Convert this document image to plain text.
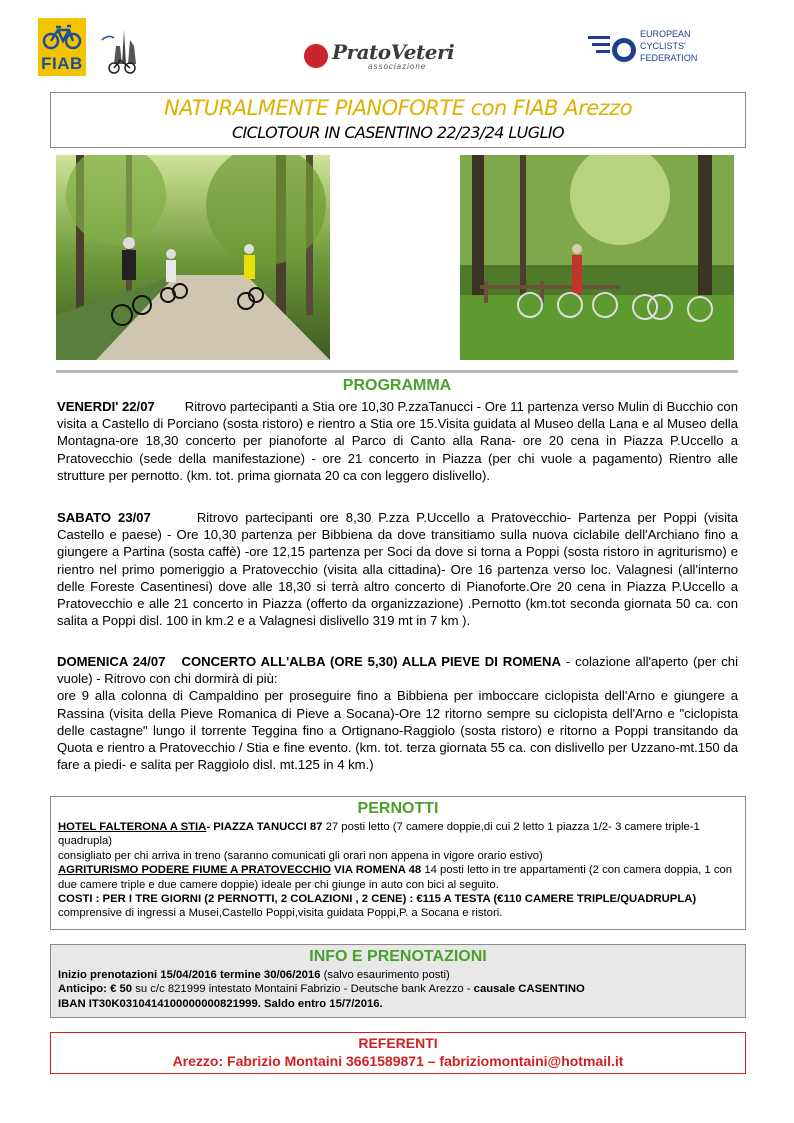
FIAB	PratoVeteri
associazione
EUROPEAN
CYCLISTS'
FEDERATION
NATURALMENTE PIANOFORTE con FIAB Arezzo
CICLOTOUR IN CASENTINO 22/23/24 LUGLIO
PROGRAMMA
VENERDI' 22/07 Ritrovo partecipanti a Stia ore 10,30 P.zzaTanucci - Ore 11 partenza verso Mulin di Bucchio con visita a Castello di Porciano (sosta ristoro) e rientro a Stia ore 15.Visita guidata al Museo della Lana e al Museo della Montagna-ore 18,30 concerto per pianoforte al Parco di Canto alla Rana- ore 20 cena in Piazza P.Uccello a Pratovecchio (sede della manifestazione) - ore 21 concerto in Piazza (per chi vuole a pagamento) Rientro alle strutture per pernotto. (km. tot. prima giornata 20 ca con leggero dislivello).
SABATO 23/07	Ritrovo partecipanti ore 8,30 P.zza P.Uccello a Pratovecchio- Partenza per Poppi (visita Castello e paese) - Ore 10,30 partenza per Bibbiena da dove transitiamo sulla nuova ciclabile dell'Archiano fino a giungere a Partina (sosta caffè) -ore 12,15 partenza per Soci da dove si torna a Poppi (sosta ristoro in agriturismo) e rientro nel primo pomeriggio a Pratovecchio (visita alla cittadina)- Ore 16 partenza verso loc. Valagnesi (all'interno delle Foreste Casentinesi) dove alle 18,30 si terrà altro concerto di Pianoforte.Ore 20 cena in Piazza P.Uccello a Pratovecchio e alle 21 concerto in Piazza (offerto da organizzazione) .Pernotto (km.tot seconda giornata 50 ca. con salita a Poppi disl. 100 in km.2 e a Valagnesi dislivello 319 mt in 7 km ).
DOMENICA 24/07 CONCERTO ALL'ALBA (ORE 5,30) ALLA PIEVE DI ROMENA - colazione all'aperto (per chi vuole) - Ritrovo con chi dormirà di più:
ore 9 alla colonna di Campaldino per proseguire fino a Bibbiena per imboccare ciclopista dell'Arno e giungere a Rassina (visita della Pieve Romanica di Pieve a Socana)-Ore 12 ritorno sempre su ciclopista dell'Arno e "ciclopista delle castagne" lungo il torrente Teggina fino a Ortignano-Raggiolo (sosta ristoro) e ritorno a Poppi transitando da Quota e rientro a Pratovecchio / Stia e fine evento. (km. tot. terza giornata 55 ca. con dislivello per Uzzano-mt.150 da fare a piedi- e salita per Raggiolo disl. mt.125 in 4 km.)
PERNOTTI
HOTEL FALTERONA A STIA- PIAZZA TANUCCI 87 27 posti letto (7 camere doppie,di cui 2 letto 1 piazza 1/2- 3 camere triple-1 quadrupla)
consigliato per chi arriva in treno (saranno comunicati gli orari non appena in vigore orario estivo)
AGRITURISMO PODERE FIUME A PRATOVECCHIO VIA ROMENA 48 14 posti letto in tre appartamenti (2 con camera doppia, 1 con due camere triple e due camere doppie) ideale per chi giunge in auto con bici al seguito.
COSTI : PER I TRE GIORNI (2 PERNOTTI, 2 COLAZIONI , 2 CENE) : €115 A TESTA (€110 CAMERE TRIPLE/QUADRUPLA) comprensive di ingressi a Musei,Castello Poppi,visita guidata Poppi,P. a Socana e ristori.
INFO E PRENOTAZIONI
Inizio prenotazioni 15/04/2016 termine 30/06/2016 (salvo esaurimento posti)
Anticipo: € 50 su c/c 821999 intestato Montaini Fabrizio - Deutsche bank Arezzo - causale CASENTINO
IBAN IT30K0310414100000000821999. Saldo entro 15/7/2016.
REFERENTI
Arezzo: Fabrizio Montaini 3661589871 – fabriziomontaini@hotmail.it
